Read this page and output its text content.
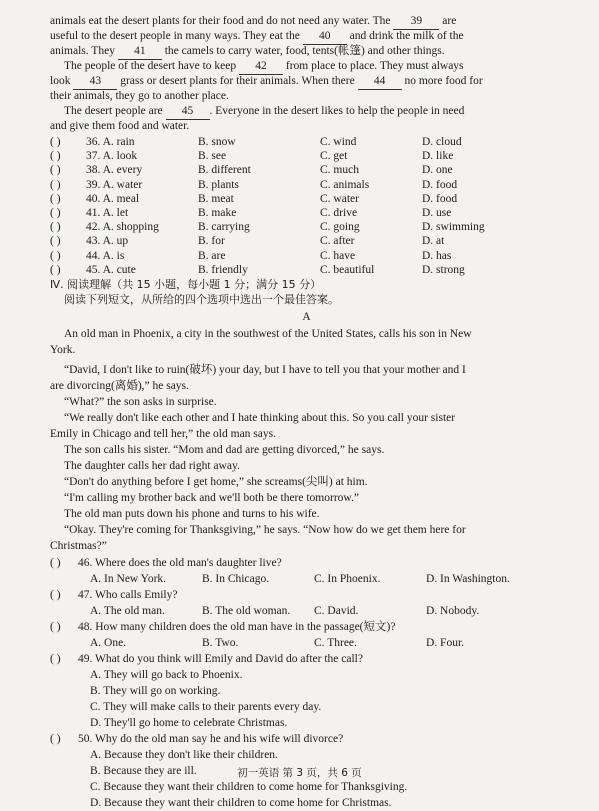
animals eat the desert plants for their food and do not need any water. The 39 are
useful to the desert people in many ways. They eat the 40 and drink the milk of the
animals. They 41 the camels to carry water, food, tents(帐篷) and other things.
The people of the desert have to keep 42 from place to place. They must always
look 43 grass or desert plants for their animals. When there 44 no more food for
their animals, they go to another place.
The desert people are 45 . Everyone in the desert likes to help the people in need
and give them food and water.
( )	36. A. rain	B. snow	C. wind	D. cloud
( )	37. A. look	B. see	C. get	D. like
( )	38. A. every	B. different	C. much	D. one
( )	39. A. water	B. plants	C. animals	D. food
( )	40. A. meal	B. meat	C. water	D. food
( )	41. A. let	B. make	C. drive	D. use
( )	42. A. shopping	B. carrying	C. going	D. swimming
( )	43. A. up	B. for	C. after	D. at
( )	44. A. is	B. are	C. have	D. has
( )	45. A. cute	B. friendly	C. beautiful	D. strong
Ⅳ. 阅读理解（共 15 小题，每小题 1 分；满分 15 分）
阅读下列短文，从所给的四个选项中选出一个最佳答案。
A
An old man in Phoenix, a city in the southwest of the United States, calls his son in New
York.
“David, I don't like to ruin(破坏) your day, but I have to tell you that your mother and I
are divorcing(离婚),” he says.
“What?” the son asks in surprise.
“We really don't like each other and I hate thinking about this. So you call your sister
Emily in Chicago and tell her,” the old man says.
The son calls his sister. “Mom and dad are getting divorced,” he says.
The daughter calls her dad right away.
“Don't do anything before I get home,” she screams(尖叫) at him.
“I'm calling my brother back and we'll both be there tomorrow.”
The old man puts down his phone and turns to his wife.
“Okay. They're coming for Thanksgiving,” he says. “Now how do we get them here for
Christmas?”
( )	46. Where does the old man's daughter live?
A. In New York.	B. In Chicago.	C. In Phoenix.	D. In Washington.
( )	47. Who calls Emily?
A. The old man.	B. The old woman.	C. David.	D. Nobody.
( )	48. How many children does the old man have in the passage(短文)?
A. One.	B. Two.	C. Three.	D. Four.
( )	49. What do you think will Emily and David do after the call?
A. They will go back to Phoenix.
B. They will go on working.
C. They will make calls to their parents every day.
D. They'll go home to celebrate Christmas.
( )	50. Why do the old man say he and his wife will divorce?
A. Because they don't like their children.
B. Because they are ill.
C. Because they want their children to come home for Thanksgiving.
D. Because they want their children to come home for Christmas.
初一英语 第 3 页，共 6 页
